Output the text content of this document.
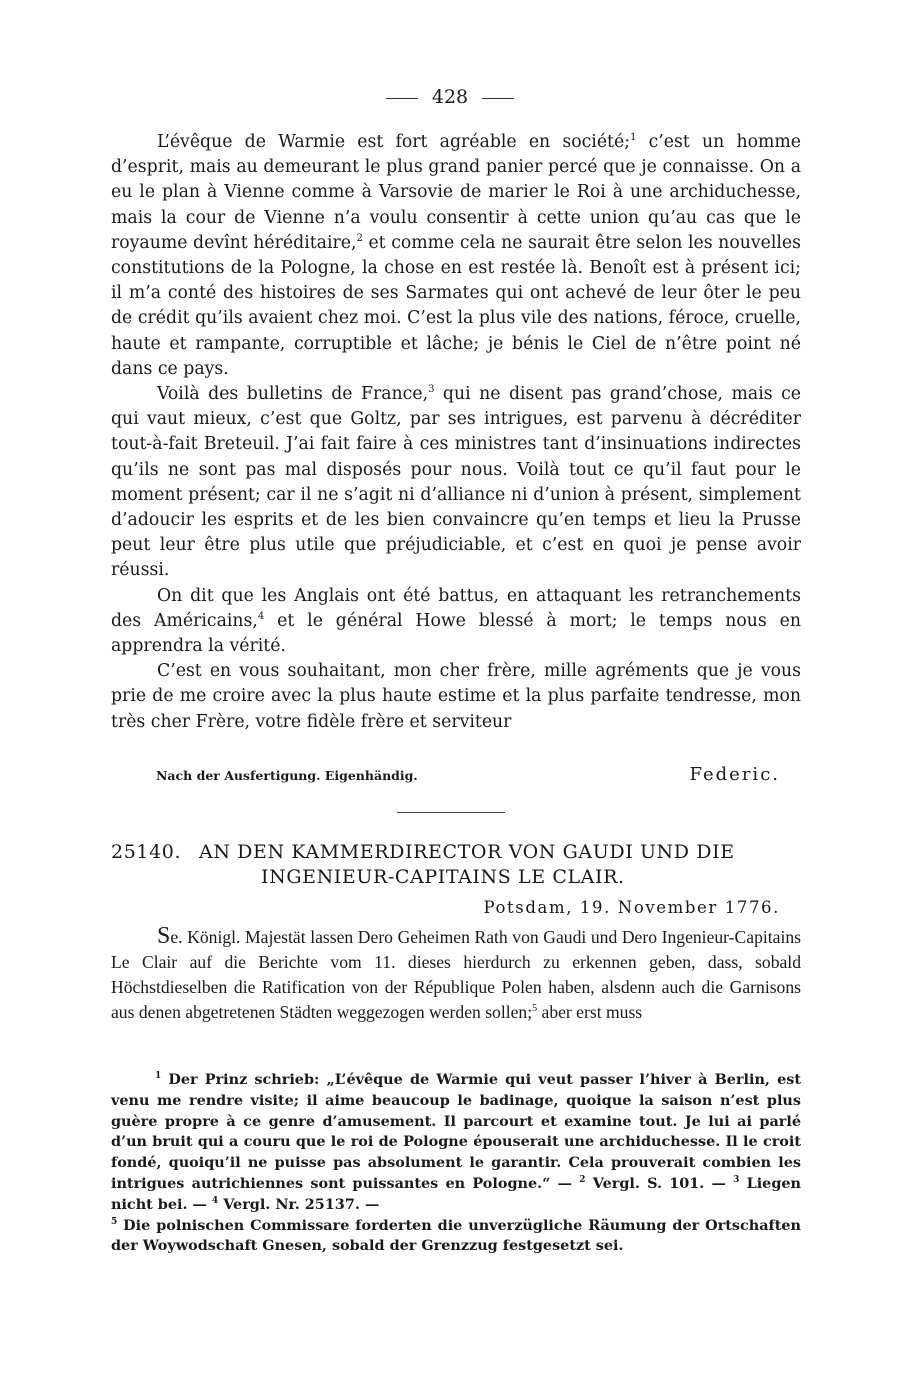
428

L’évêque de Warmie est fort agréable en société;$^1$ c’est un homme d’esprit, mais au demeurant le plus grand panier percé que je connaisse. On a eu le plan à Vienne comme à Varsovie de marier le Roi à une archiduchesse, mais la cour de Vienne n’a voulu consentir à cette union qu’au cas que le royaume devînt héréditaire,$^2$ et comme cela ne saurait être selon les nouvelles constitutions de la Pologne, la chose en est restée là. Benoît est à présent ici; il m’a conté des histoires de ses Sarmates qui ont achevé de leur ôter le peu de crédit qu’ils avaient chez moi. C’est la plus vile des nations, féroce, cruelle, haute et rampante, corruptible et lâche; je bénis le Ciel de n’être point né dans ce pays.

Voilà des bulletins de France,$^3$ qui ne disent pas grand’chose, mais ce qui vaut mieux, c’est que Goltz, par ses intrigues, est parvenu à décréditer tout-à-fait Breteuil. J’ai fait faire à ces ministres tant d’insinuations indirectes qu’ils ne sont pas mal disposés pour nous. Voilà tout ce qu’il faut pour le moment présent; car il ne s’agit ni d’alliance ni d’union à présent, simplement d’adoucir les esprits et de les bien convaincre qu’en temps et lieu la Prusse peut leur être plus utile que préjudiciable, et c’est en quoi je pense avoir réussi.

On dit que les Anglais ont été battus, en attaquant les retranchements des Américains,$^4$ et le général Howe blessé à mort; le temps nous en apprendra la vérité.

C’est en vous souhaitant, mon cher frère, mille agréments que je vous prie de me croire avec la plus haute estime et la plus parfaite tendresse, mon très cher Frère, votre fidèle frère et serviteur

Nach der Ausfertigung. Eigenhändig.	Federic.
25140. AN DEN KAMMERDIRECTOR VON GAUDI UND DIE
INGENIEUR-CAPITAINS LE CLAIR.
Potsdam, 19. November 1776.

Se. Königl. Majestät lassen Dero Geheimen Rath von Gaudi und Dero Ingenieur-Capitains Le Clair auf die Berichte vom 11. dieses hierdurch zu erkennen geben, dass, sobald Höchstdieselben die Ratification von der République Polen haben, alsdenn auch die Garnisons aus denen abgetretenen Städten weggezogen werden sollen;$^5$ aber erst muss

$^1$ Der Prinz schrieb: „L’évêque de Warmie qui veut passer l’hiver à Berlin, est venu me rendre visite; il aime beaucoup le badinage, quoique la saison n’est plus guère propre à ce genre d’amusement. Il parcourt et examine tout. Je lui ai parlé d’un bruit qui a couru que le roi de Pologne épouserait une archiduchesse. Il le croit fondé, quoiqu’il ne puisse pas absolument le garantir. Cela prouverait combien les intrigues autrichiennes sont puissantes en Pologne.“ — $^2$ Vergl. S. 101. — $^3$ Liegen nicht bei. — $^4$ Vergl. Nr. 25137. —
$^5$ Die polnischen Commissare forderten die unverzügliche Räumung der Ortschaften der Woywodschaft Gnesen, sobald der Grenzzug festgesetzt sei.
